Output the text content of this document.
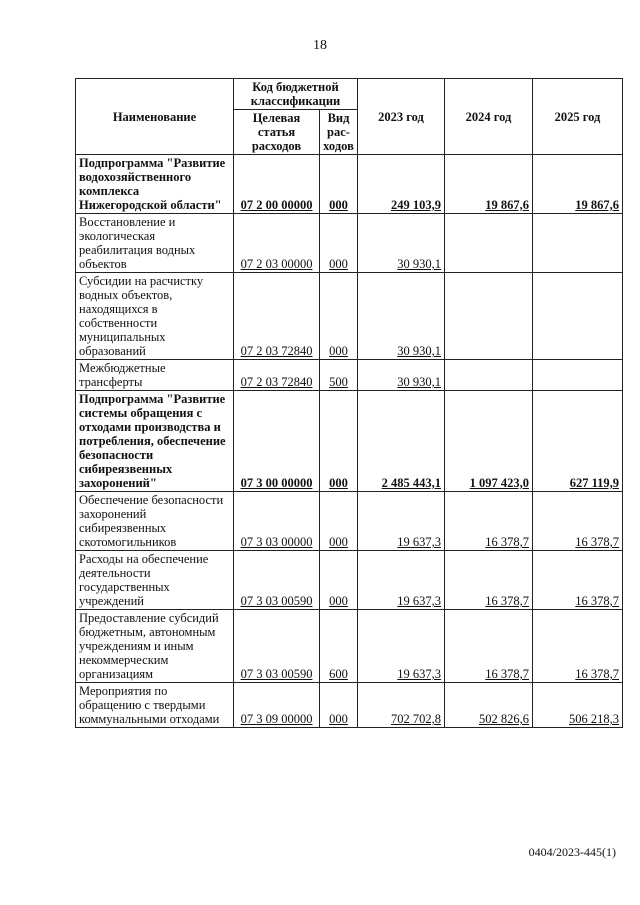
18
Наименование	Код бюджетной классификации		2023 год	2024 год	2025 год
	Целевая статья расходов	Вид рас-ходов			
Подпрограмма "Развитие водохозяйственного комплекса Нижегородской области"	07 2 00 00000	000	249 103,9	19 867,6	19 867,6
Восстановление и экологическая реабилитация водных объектов	07 2 03 00000	000	30 930,1		
Субсидии на расчистку водных объектов, находящихся в собственности муниципальных образований	07 2 03 72840	000	30 930,1		
Межбюджетные трансферты	07 2 03 72840	500	30 930,1		
Подпрограмма "Развитие системы обращения с отходами производства и потребления, обеспечение безопасности сибиреязвенных захоронений"	07 3 00 00000	000	2 485 443,1	1 097 423,0	627 119,9
Обеспечение безопасности захоронений сибиреязвенных скотомогильников	07 3 03 00000	000	19 637,3	16 378,7	16 378,7
Расходы на обеспечение деятельности государственных учреждений	07 3 03 00590	000	19 637,3	16 378,7	16 378,7
Предоставление субсидий бюджетным, автономным учреждениям и иным некоммерческим организациям	07 3 03 00590	600	19 637,3	16 378,7	16 378,7
Мероприятия по обращению с твердыми коммунальными отходами	07 3 09 00000	000	702 702,8	502 826,6	506 218,3
0404/2023-445(1)
